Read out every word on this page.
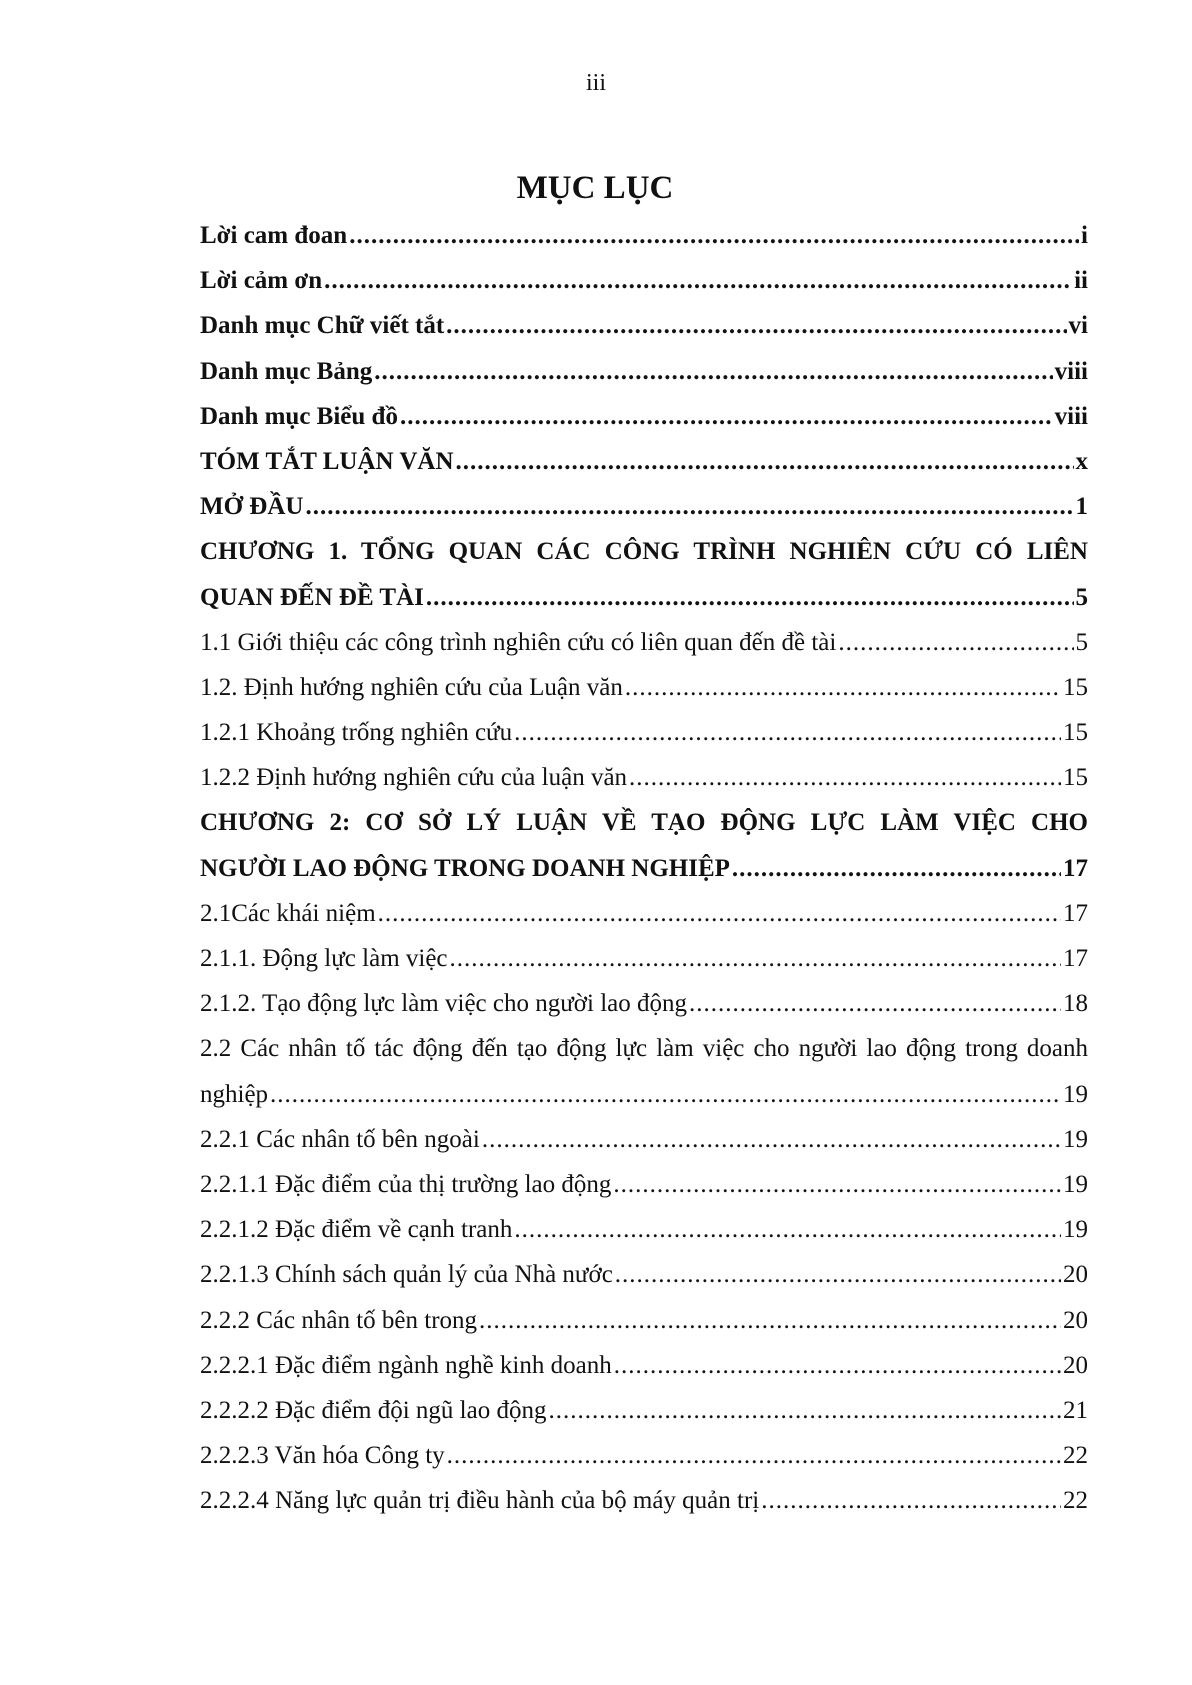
iii
MỤC LỤC
Lời cam đoan .....	i
Lời cảm ơn .....	ii
Danh mục Chữ viết tắt .....	vi
Danh mục Bảng .....	viii
Danh mục Biểu đồ .....	viii
TÓM TẮT LUẬN VĂN .....	x
MỞ ĐẦU .....	1
CHƯƠNG 1. TỔNG QUAN CÁC CÔNG TRÌNH NGHIÊN CỨU CÓ LIÊN
QUAN ĐẾN ĐỀ TÀI .....	5
1.1 Giới thiệu các công trình nghiên cứu có liên quan đến đề tài .....	5
1.2. Định hướng nghiên cứu của Luận văn .....	15
1.2.1 Khoảng trống nghiên cứu .....	15
1.2.2 Định hướng nghiên cứu của luận văn .....	15
CHƯƠNG 2: CƠ SỞ LÝ LUẬN VỀ TẠO ĐỘNG LỰC LÀM VIỆC CHO
NGƯỜI LAO ĐỘNG TRONG DOANH NGHIỆP .....	17
2.1Các khái niệm .....	17
2.1.1. Động lực làm việc .....	17
2.1.2. Tạo động lực làm việc cho người lao động .....	18
2.2 Các nhân tố tác động đến tạo động lực làm việc cho người lao động trong doanh
nghiệp .....	19
2.2.1 Các nhân tố bên ngoài .....	19
2.2.1.1 Đặc điểm của thị trường lao động .....	19
2.2.1.2 Đặc điểm về cạnh tranh .....	19
2.2.1.3 Chính sách quản lý của Nhà nước .....	20
2.2.2 Các nhân tố bên trong .....	20
2.2.2.1 Đặc điểm ngành nghề kinh doanh .....	20
2.2.2.2 Đặc điểm đội ngũ lao động .....	21
2.2.2.3 Văn hóa Công ty .....	22
2.2.2.4 Năng lực quản trị điều hành của bộ máy quản trị .....	22
